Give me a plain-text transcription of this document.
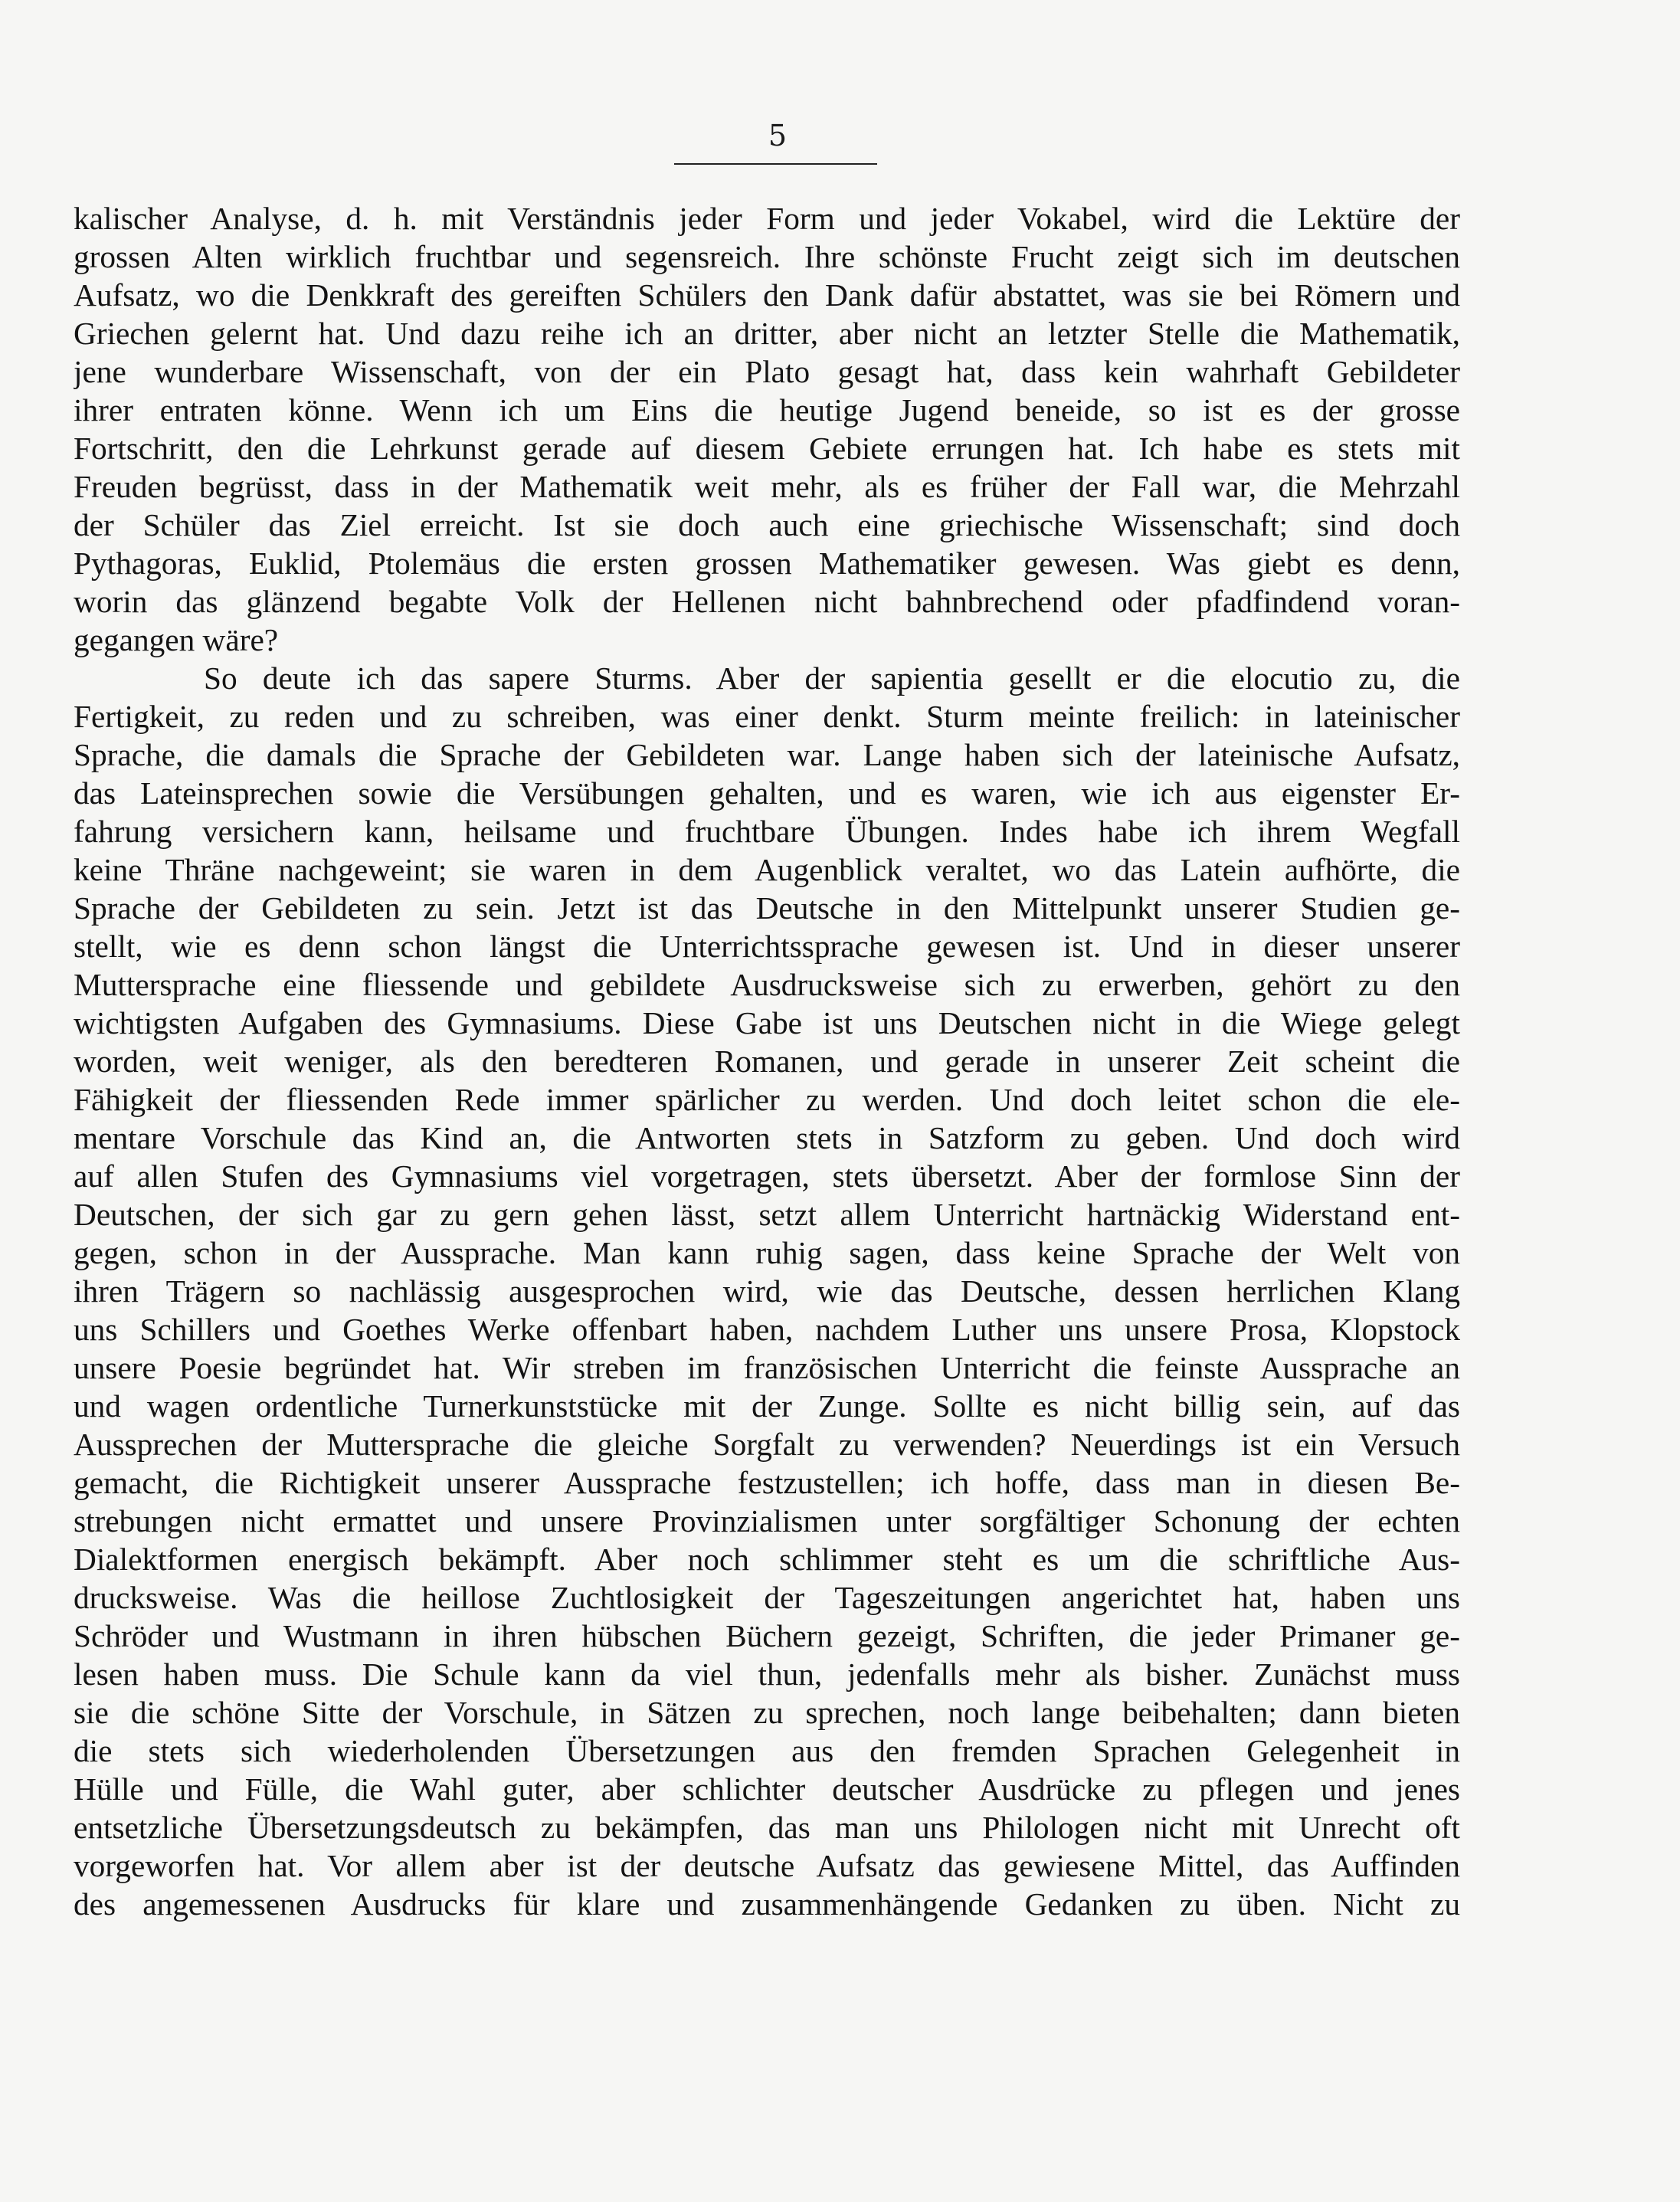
5
kalischer Analyse, d. h. mit Verständnis jeder Form und jeder Vokabel, wird die Lektüre der
grossen Alten wirklich fruchtbar und segensreich. Ihre schönste Frucht zeigt sich im deutschen
Aufsatz, wo die Denkkraft des gereiften Schülers den Dank dafür abstattet, was sie bei Römern und
Griechen gelernt hat. Und dazu reihe ich an dritter, aber nicht an letzter Stelle die Mathematik,
jene wunderbare Wissenschaft, von der ein Plato gesagt hat, dass kein wahrhaft Gebildeter
ihrer entraten könne. Wenn ich um Eins die heutige Jugend beneide, so ist es der grosse
Fortschritt, den die Lehrkunst gerade auf diesem Gebiete errungen hat. Ich habe es stets mit
Freuden begrüsst, dass in der Mathematik weit mehr, als es früher der Fall war, die Mehrzahl
der Schüler das Ziel erreicht. Ist sie doch auch eine griechische Wissenschaft; sind doch
Pythagoras, Euklid, Ptolemäus die ersten grossen Mathematiker gewesen. Was giebt es denn,
worin das glänzend begabte Volk der Hellenen nicht bahnbrechend oder pfadfindend voran-
gegangen wäre?
So deute ich das sapere Sturms. Aber der sapientia gesellt er die elocutio zu, die
Fertigkeit, zu reden und zu schreiben, was einer denkt. Sturm meinte freilich: in lateinischer
Sprache, die damals die Sprache der Gebildeten war. Lange haben sich der lateinische Aufsatz,
das Lateinsprechen sowie die Versübungen gehalten, und es waren, wie ich aus eigenster Er-
fahrung versichern kann, heilsame und fruchtbare Übungen. Indes habe ich ihrem Wegfall
keine Thräne nachgeweint; sie waren in dem Augenblick veraltet, wo das Latein aufhörte, die
Sprache der Gebildeten zu sein. Jetzt ist das Deutsche in den Mittelpunkt unserer Studien ge-
stellt, wie es denn schon längst die Unterrichtssprache gewesen ist. Und in dieser unserer
Muttersprache eine fliessende und gebildete Ausdrucksweise sich zu erwerben, gehört zu den
wichtigsten Aufgaben des Gymnasiums. Diese Gabe ist uns Deutschen nicht in die Wiege gelegt
worden, weit weniger, als den beredteren Romanen, und gerade in unserer Zeit scheint die
Fähigkeit der fliessenden Rede immer spärlicher zu werden. Und doch leitet schon die ele-
mentare Vorschule das Kind an, die Antworten stets in Satzform zu geben. Und doch wird
auf allen Stufen des Gymnasiums viel vorgetragen, stets übersetzt. Aber der formlose Sinn der
Deutschen, der sich gar zu gern gehen lässt, setzt allem Unterricht hartnäckig Widerstand ent-
gegen, schon in der Aussprache. Man kann ruhig sagen, dass keine Sprache der Welt von
ihren Trägern so nachlässig ausgesprochen wird, wie das Deutsche, dessen herrlichen Klang
uns Schillers und Goethes Werke offenbart haben, nachdem Luther uns unsere Prosa, Klopstock
unsere Poesie begründet hat. Wir streben im französischen Unterricht die feinste Aussprache an
und wagen ordentliche Turnerkunststücke mit der Zunge. Sollte es nicht billig sein, auf das
Aussprechen der Muttersprache die gleiche Sorgfalt zu verwenden? Neuerdings ist ein Versuch
gemacht, die Richtigkeit unserer Aussprache festzustellen; ich hoffe, dass man in diesen Be-
strebungen nicht ermattet und unsere Provinzialismen unter sorgfältiger Schonung der echten
Dialektformen energisch bekämpft. Aber noch schlimmer steht es um die schriftliche Aus-
drucksweise. Was die heillose Zuchtlosigkeit der Tageszeitungen angerichtet hat, haben uns
Schröder und Wustmann in ihren hübschen Büchern gezeigt, Schriften, die jeder Primaner ge-
lesen haben muss. Die Schule kann da viel thun, jedenfalls mehr als bisher. Zunächst muss
sie die schöne Sitte der Vorschule, in Sätzen zu sprechen, noch lange beibehalten; dann bieten
die stets sich wiederholenden Übersetzungen aus den fremden Sprachen Gelegenheit in
Hülle und Fülle, die Wahl guter, aber schlichter deutscher Ausdrücke zu pflegen und jenes
entsetzliche Übersetzungsdeutsch zu bekämpfen, das man uns Philologen nicht mit Unrecht oft
vorgeworfen hat. Vor allem aber ist der deutsche Aufsatz das gewiesene Mittel, das Auffinden
des angemessenen Ausdrucks für klare und zusammenhängende Gedanken zu üben. Nicht zu
